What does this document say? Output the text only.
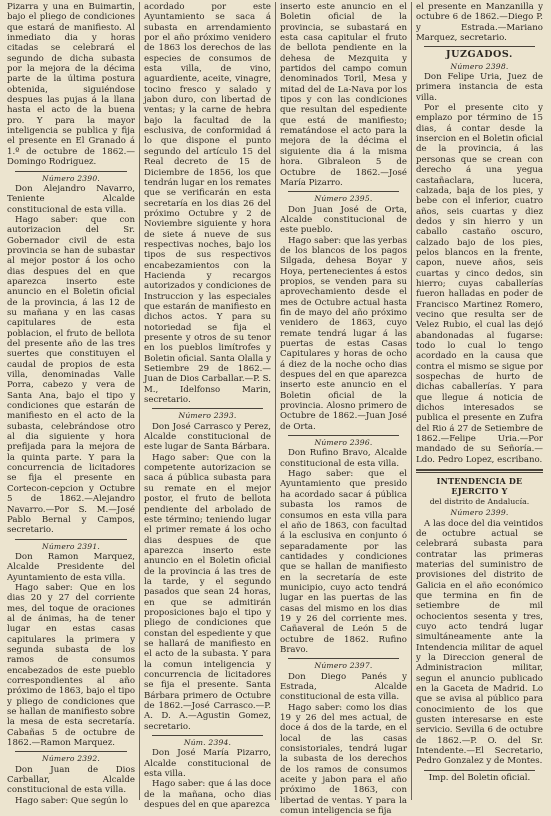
Pizarra y una en Buimartin, bajo el pliego de condiciones que estará de manifiesto. Al inmediato dia y horas citadas se celebrará el segundo de dicha subasta por la mejora de la décima parte de la última postura obtenida, siguiéndose despues las pujas á la llana hasta el acto de la buena pro. Y para la mayor inteligencia se publica y fija el presente en El Granado á 1.º de octubre de 1862.—Domingo Rodriguez.

Número 2390.

Don Alejandro Navarro, Teniente Alcalde constitucional de esta villa.

Hago saber: que con autorizacion del Sr. Gobernador civil de esta provincia se han de subastar al mejor postor á los ocho dias despues del en que aparezca inserto este anuncio en el Boletin oficial de la provincia, á las 12 de su mañana y en las casas capitulares de esta poblacion, el fruto de bellota del presente año de las tres suertes que constituyen el caudal de propios de esta villa, denominadas Valle Porra, cabezo y vera de Santa Ana, bajo el tipo y condiciones que estarán de manifiesto en el acto de la subasta, celebrándose otro al dia siguiente y hora prefijada para la mejora de la quinta parte. Y para la concurrencia de licitadores se fija el presente en Cortecon-cepcion y Octubre 5 de 1862.—Alejandro Navarro.—Por S. M.—José Pablo Bernal y Campos, secretario.

Número 2391.

Don Ramon Marquez, Alcalde Presidente del Ayuntamiento de esta villa.

Hago saber: Que en los dias 20 y 27 del corriente mes, del toque de oraciones al de ánimas, ha de tener lugar en estas casas capitulares la primera y segunda subasta de los ramos de consumos encabezados de este pueblo correspondientes al año próximo de 1863, bajo el tipo y pliego de condiciones que se hallan de manifiesto sobre la mesa de esta secretaría. Cabañas 5 de octubre de 1862.—Ramon Marquez.

Número 2392.

Don Juan de Dios Carballar, Alcalde constitucional de esta villa.

Hago saber: Que según lo

acordado por este Ayuntamiento se saca á subasta en arrendamiento por el año próximo venidero de 1863 los derechos de las especies de consumos de esta villa, de vino, aguardiente, aceite, vinagre, tocino fresco y salado y jabon duro, con libertad de ventas; y la carne de hebra bajo la facultad de la esclusiva, de conformidad á lo que dispone el punto segundo del artículo 15 del Real decreto de 15 de Diciembre de 1856, los que tendrán lugar en los remates que se verificarán en esta secretaría en los dias 26 del próximo Octubre y 2 de Noviembre siguiente y hora de siete á nueve de sus respectivas noches, bajo los tipos de sus respectivos encabezamientos con la Hacienda y recargos autorizados y condiciones de Instruccion y las especiales que estarán de manifiesto en dichos actos. Y para su notoriedad se fija el presente y otros de su tenor en los pueblos limítrofes y Boletin oficial. Santa Olalla y Setiembre 29 de 1862.—Juan de Dios Carballar.—P. S. M., Idelfonso Marin, secretario.

Número 2393.

Don José Carrasco y Perez, Alcalde constitucional de este lugar de Santa Bárbara.

Hago saber: Que con la competente autorizacion se saca á pública subasta para su remate en el mejor postor, el fruto de bellota pendiente del arbolado de este término; teniendo lugar el primer remate á los ocho dias despues de que aparezca inserto este anuncio en el Boletin oficial de la provincia á las tres de la tarde, y el segundo pasados que sean 24 horas, en que se admitirán proposiciones bajo el tipo y pliego de condiciones que constan del espediente y que se hallará de manifiesto en el acto de la subasta. Y para la comun inteligencia y concurrencia de licitadores se fija el presente. Santa Bárbara primero de Octubre de 1862.—José Carrasco.—P. A. D. A.—Agustin Gomez, secretario.

Núm. 2394.

Don José María Pizarro, Alcalde constitucional de esta villa.

Hago saber: que á las doce de la mañana, ocho dias despues del en que aparezca

inserto este anuncio en el Boletin oficial de la provincia, se subastará en esta casa capitular el fruto de bellota pendiente en la dehesa de Mezquita y partidos del campo comun denominados Toril, Mesa y mitad del de La-Nava por los tipos y con las condiciones que resultan del espediente que está de manifiesto; rematándose el acto para la mejora de la décima el siguiente dia á la misma hora. Gibraleon 5 de Octubre de 1862.—José María Pizarro.

Número 2395.

Don Juan José de Orta, Alcalde constitucional de este pueblo.

Hago saber: que las yerbas de los blancos de los pagos Silgada, dehesa Boyar y Hoya, pertenecientes á estos propios, se venden para su aprovechamiento desde el mes de Octubre actual hasta fin de mayo del año próximo venidero de 1863, cuyo remate tendrá lugar á las puertas de estas Casas Capitulares y horas de ocho á diez de la noche ocho dias despues del en que aparezca inserto este anuncio en el Boletin oficial de la provincia. Alosno primero de Octubre de 1862.—Juan José de Orta.

Número 2396.

Don Rufino Bravo, Alcalde constitucional de esta villa.

Hago saber: que el Ayuntamiento que presido ha acordado sacar á pública subasta los ramos de consumos en esta villa para el año de 1863, con facultad á la esclusiva en conjunto ó separadamente por las cantidades y condiciones que se hallan de manifiesto en la secretaría de este municipio, cuyo acto tendrá lugar en las puertas de las casas del mismo en los dias 19 y 26 del corriente mes. Cañaveral de León 5 de octubre de 1862. Rufino Bravo.

Número 2397.

Don Diego Panés y Estrada, Alcalde constitucional de esta villa.

Hago saber: como los dias 19 y 26 del mes actual, de doce á dos de la tarde, en el local de las casas consistoriales, tendrá lugar la subasta de los derechos de los ramos de consumos aceite y jabon para el año próximo de 1863, con libertad de ventas. Y para la comun inteligencia se fija

el presente en Manzanilla y octubre 6 de 1862.—Diego P. y Estrada.—Mariano Marquez, secretario.

JUZGADOS.
Número 2398.

Don Felipe Uria, Juez de primera instancia de esta villa.

Por el presente cito y emplazo por término de 15 dias, á contar desde la insercion en el Boletin oficial de la provincia, á las personas que se crean con derecho á una yegua castañaclara, lucera, calzada, baja de los pies, y bebe con el inferior, cuatro años, seis cuartas y diez dedos y sin hierro y un caballo castaño oscuro, calzado bajo de los pies, pelos blancos en la frente, capon, nueve años, seis cuartas y cinco dedos, sin hierro; cuyas caballerías fueron halladas en poder de Francisco Martinez Romero, vecino que resulta ser de Velez Rubio, el cual las dejó abandonadas al fugarse: todo lo cual lo tengo acordado en la causa que contra el mismo se sigue por sospechas de hurto de dichas caballerías. Y para que llegue á noticia de dichos interesados se publica el presente en Zufra del Rio á 27 de Setiembre de 1862.—Felipe Uria.—Por mandado de su Señoría.—Ldo. Pedro Lopez, escribano.

INTENDENCIA DE EJERCITO Y
del distrito de Andalucía.
Número 2399.

A las doce del dia veintidos de octubre actual se celebrará subasta para contratar las primeras materias del suministro de provisiones del distrito de Galicia en el año económico que termina en fin de setiembre de mil ochocientos sesenta y tres, cuyo acto tendrá lugar simultáneamente ante la Intendencia militar de aquel y la Direccion general de Administracion militar, segun el anuncio publicado en la Gaceta de Madrid. Lo que se avisa al público para conocimiento de los que gusten interesarse en este servicio. Sevilla 6 de octubre de 1862.—P. O. del Sr. Intendente.—El Secretario, Pedro Gonzalez y de Montes.

Imp. del Boletin oficial.
